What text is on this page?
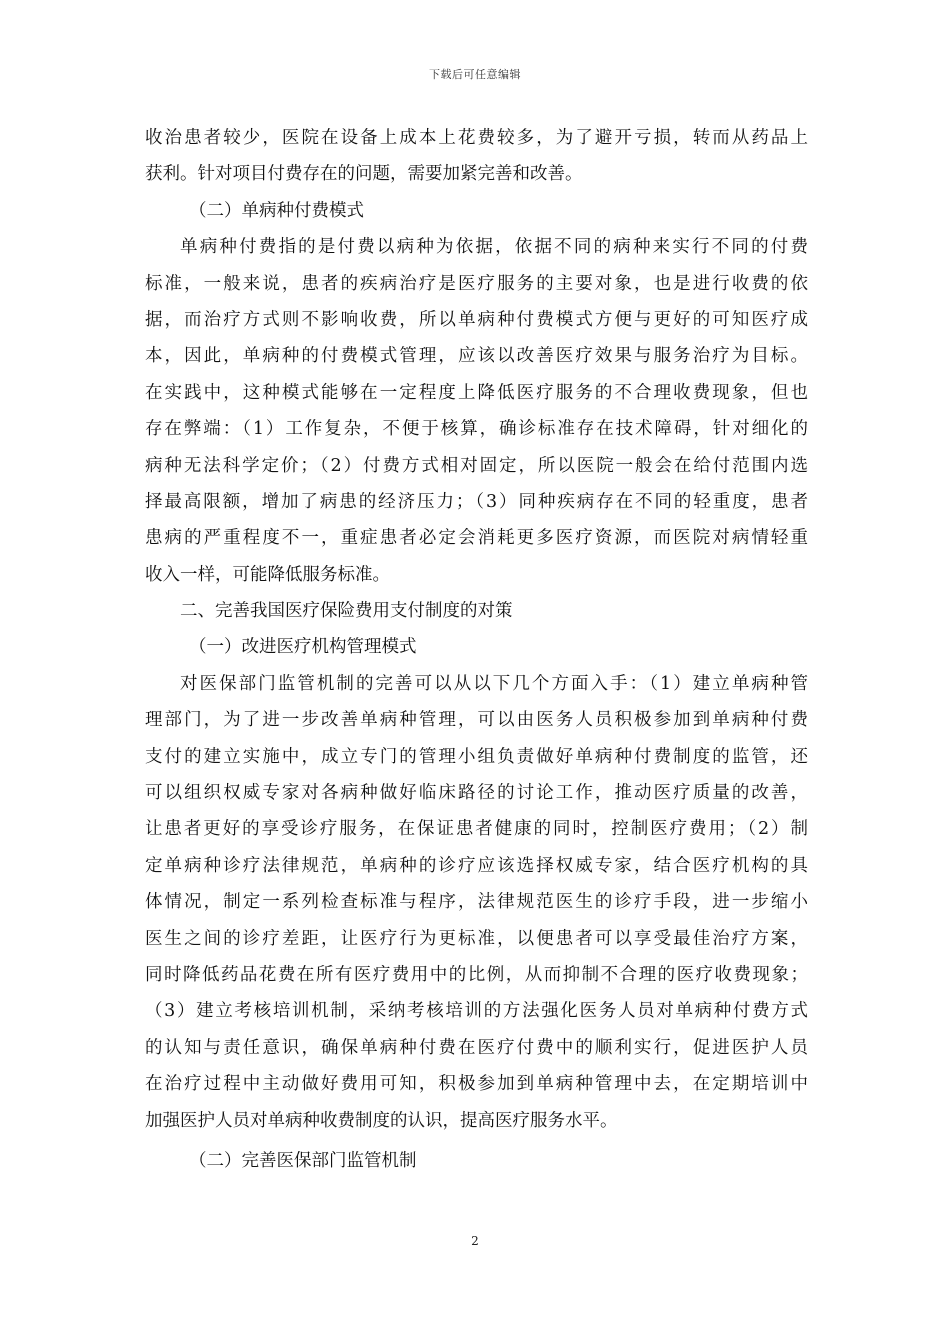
下载后可任意编辑
收治患者较少，医院在设备上成本上花费较多，为了避开亏损，转而从药品上
获利。针对项目付费存在的问题，需要加紧完善和改善。
（二）单病种付费模式
单病种付费指的是付费以病种为依据，依据不同的病种来实行不同的付费
标准，一般来说，患者的疾病治疗是医疗服务的主要对象，也是进行收费的依
据，而治疗方式则不影响收费，所以单病种付费模式方便与更好的可知医疗成
本，因此，单病种的付费模式管理，应该以改善医疗效果与服务治疗为目标。
在实践中，这种模式能够在一定程度上降低医疗服务的不合理收费现象，但也
存在弊端：（1）工作复杂，不便于核算，确诊标准存在技术障碍，针对细化的
病种无法科学定价；（2）付费方式相对固定，所以医院一般会在给付范围内选
择最高限额，增加了病患的经济压力；（3）同种疾病存在不同的轻重度，患者
患病的严重程度不一，重症患者必定会消耗更多医疗资源，而医院对病情轻重
收入一样，可能降低服务标准。
二、完善我国医疗保险费用支付制度的对策
（一）改进医疗机构管理模式
对医保部门监管机制的完善可以从以下几个方面入手：（1）建立单病种管
理部门，为了进一步改善单病种管理，可以由医务人员积极参加到单病种付费
支付的建立实施中，成立专门的管理小组负责做好单病种付费制度的监管，还
可以组织权威专家对各病种做好临床路径的讨论工作，推动医疗质量的改善，
让患者更好的享受诊疗服务，在保证患者健康的同时，控制医疗费用；（2）制
定单病种诊疗法律规范，单病种的诊疗应该选择权威专家，结合医疗机构的具
体情况，制定一系列检查标准与程序，法律规范医生的诊疗手段，进一步缩小
医生之间的诊疗差距，让医疗行为更标准，以便患者可以享受最佳治疗方案，
同时降低药品花费在所有医疗费用中的比例，从而抑制不合理的医疗收费现象；
（3）建立考核培训机制，采纳考核培训的方法强化医务人员对单病种付费方式
的认知与责任意识，确保单病种付费在医疗付费中的顺利实行，促进医护人员
在治疗过程中主动做好费用可知，积极参加到单病种管理中去，在定期培训中
加强医护人员对单病种收费制度的认识，提高医疗服务水平。
（二）完善医保部门监管机制
2
